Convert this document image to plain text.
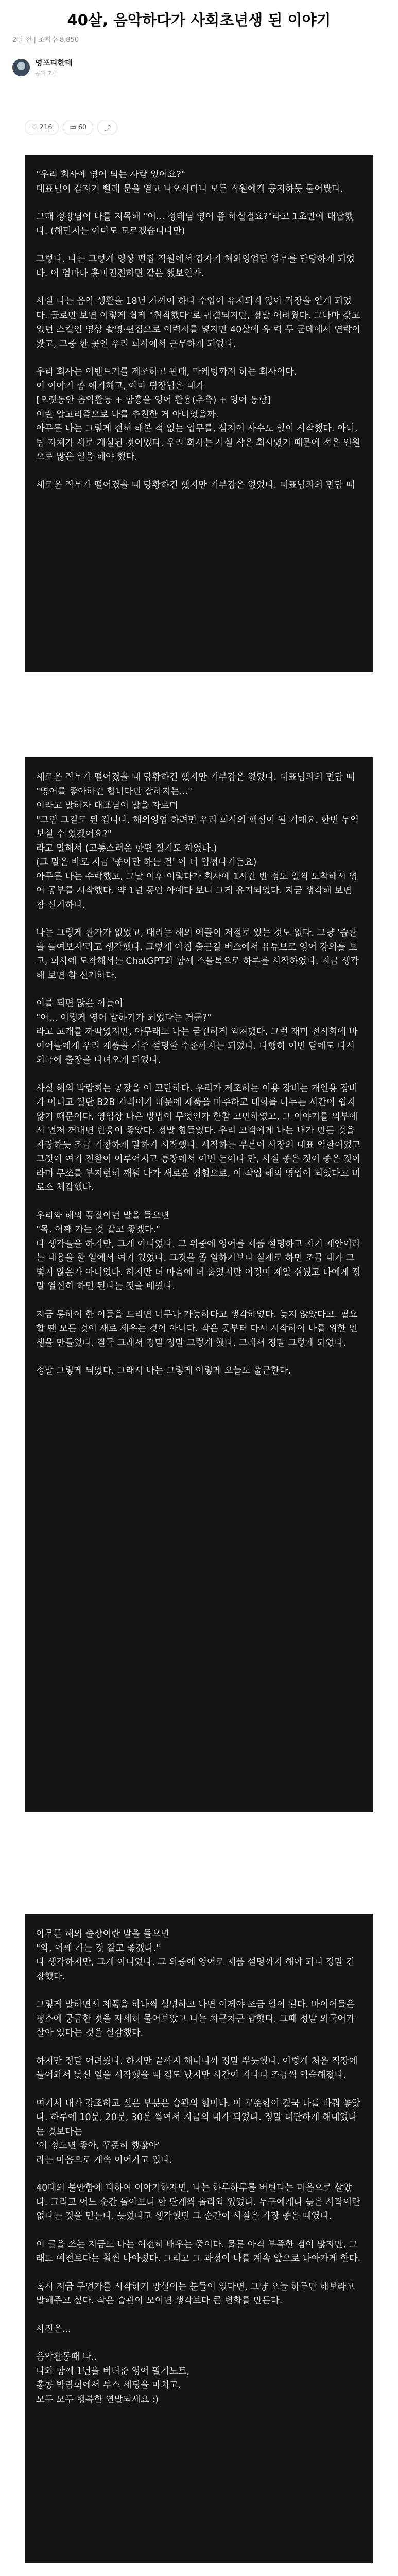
40살, 음악하다가 사회초년생 된 이야기
2일 전 | 조회수 8,850
영포티한테
공지 7개
♡ 216	▭ 60	⤴

"우리 회사에 영어 되는 사람 있어요?"
대표님이 갑자기 빨래 문을 열고 나오시더니 모든 직원에게 공지하듯 물어봤다.

그때 정장님이 나를 지목해 "어... 정태님 영어 좀 하실걸요?"라고 1초만에 대답했다. (해민지는 아마도 모르겠습니다만)

그렇다. 나는 그렇게 영상 편집 직원에서 갑자기 해외영업팀 업무를 담당하게 되었다. 이 엄마나 흥미진진하면 같은 했보인가.

사실 나는 음악 생활을 18년 가까이 하다 수입이 유지되지 않아 직장을 얻게 되었다. 골로만 보면 이렇게 쉽게 "취직했다"로 귀결되지만, 정말 어려웠다. 그나마 갖고 있던 스킬인 영상 촬영·편집으로 이력서를 넣지만 40살에 유 력 두 군데에서 연락이 왔고, 그중 한 곳인 우리 회사에서 근무하게 되었다.

우리 회사는 이벤트기를 제조하고 판매, 마케팅까지 하는 회사이다.
이 이야기 좀 얘기해고, 아마 팀장님은 내가
[오랫동안 음악활동 + 함흥을 영어 활용(추측) + 영어 동향]
이란 알고리즘으로 나를 추천한 거 아니었을까.
아무튼 나는 그렇게 전혀 해본 적 없는 업무를, 심지어 사수도 없이 시작했다. 아니, 팀 자체가 새로 개설된 것이었다. 우리 회사는 사실 작은 회사였기 때문에 적은 인원으로 많은 일을 해야 했다.

새로운 직무가 떨어졌을 때 당황하긴 했지만 거부감은 없었다. 대표님과의 면담 때

새로운 직무가 떨어졌을 때 당황하긴 했지만 거부감은 없었다. 대표님과의 면담 때
"영어를 좋아하긴 합니다만 잘하지는..."
이라고 말하자 대표님이 말을 자르며
"그럼 그걸로 된 겁니다. 해외영업 하려면 우리 회사의 핵심이 될 거예요. 한번 무역보실 수 있겠어요?"
라고 말해서 (고통스러운 한편 질기도 하였다.)
(그 말은 바로 지금 '좋아만 하는 건' 이 더 엄청나거든요)
아무튼 나는 수락했고, 그날 이후 이렇다가 회사에 1시간 반 정도 일찍 도착해서 영어 공부를 시작했다. 약 1년 동안 아예다 보니 그게 유지되었다. 지금 생각해 보면 참 신기하다.

나는 그렇게 관가가 없었고, 대리는 해외 어플이 저절로 있는 것도 없다. 그냥 '습관을 들여보자'라고 생각했다. 그렇게 아침 출근길 버스에서 유튜브로 영어 강의를 보고, 회사에 도착해서는 ChatGPT와 함께 스몰톡으로 하루를 시작하였다. 지금 생각해 보면 참 신기하다.

이를 되면 많은 이들이
"어... 이렇게 영어 말하기가 되었다는 거군?"
라고 고개를 까딱였지만, 아무래도 나는 굳건하게 외쳐댔다. 그런 재미 전시회에 바이어들에게 우리 제품을 거주 설명할 수준까지는 되었다. 다행히 이번 달에도 다시 외국에 출장을 다녀오게 되었다.

사실 해외 박람회는 공장을 이 고단하다. 우리가 제조하는 이용 장비는 개인용 장비가 아니고 일단 B2B 거래이기 때문에 제품을 마주하고 대화를 나누는 시간이 쉽지 않기 때문이다. 영업상 나은 방법이 무엇인가 한참 고민하였고, 그 이야기를 외부에서 먼저 꺼내면 반응이 좋았다. 정말 힘들었다. 우리 고객에게 나는 내가 만든 것을 자랑하듯 조금 거창하게 말하기 시작했다. 시작하는 부분이 사장의 대표 역할이었고 그것이 여기 전환이 이루어지고 통장에서 이번 돈이다 만, 사실 좋은 것이 좋은 것이라며 무쏘를 부지런히 깨워 나가 새로운 경험으로, 이 작업 해외 영업이 되었다고 비로소 체감했다.

우리와 해외 품질이던 말을 들으면
"목, 어째 가는 것 같고 좋겠다."
다 생각들을 하지만, 그게 아니었다. 그 위중에 영어를 제품 설명하고 자기 제안이라는 내용을 할 일에서 여기 있었다. 그것을 좀 일하기보다 실제로 하면 조금 내가 그렇지 않은가 아니었다. 하지만 더 마음에 더 울었지만 이것이 제일 쉬웠고 나에게 정말 열심히 하면 된다는 것을 배웠다.

지금 통하여 한 이들을 드리면 너무나 가능하다고 생각하였다. 늦지 않았다고. 필요할 땐 모든 것이 새로 세우는 것이 아니다. 작은 곳부터 다시 시작하여 나를 위한 인생을 만들었다. 결국 그래서 정말 정말 그렇게 했다. 그래서 정말 그렇게 되었다.

정말 그렇게 되었다. 그래서 나는 그렇게 이렇게 오늘도 출근한다.

아무튼 해외 출장이란 말을 들으면
"와, 어째 가는 것 같고 좋겠다."
다 생각하지만, 그게 아니었다. 그 와중에 영어로 제품 설명까지 해야 되니 정말 긴장했다.

그렇게 말하면서 제품을 하나씩 설명하고 나면 이제야 조금 일이 된다. 바이어들은 평소에 궁금한 것을 자세히 물어보았고 나는 차근차근 답했다. 그때 정말 외국어가 살아 있다는 것을 실감했다.

하지만 정말 어려웠다. 하지만 끝까지 해내니까 정말 뿌듯했다. 이렇게 처음 직장에 들어와서 낯선 일을 시작했을 때 겁도 났지만 시간이 지나니 조금씩 익숙해졌다.

여기서 내가 강조하고 싶은 부분은 습관의 힘이다. 이 꾸준함이 결국 나를 바꿔 놓았다. 하루에 10분, 20분, 30분 쌓여서 지금의 내가 되었다. 정말 대단하게 해내었다는 것보다는
'이 정도면 좋아, 꾸준히 했잖아'
라는 마음으로 계속 이어가고 있다.

40대의 불안함에 대하여 이야기하자면, 나는 하루하루를 버틴다는 마음으로 살았다. 그리고 어느 순간 돌아보니 한 단계씩 올라와 있었다. 누구에게나 늦은 시작이란 없다는 것을 믿는다. 늦었다고 생각했던 그 순간이 사실은 가장 좋은 때였다.

이 글을 쓰는 지금도 나는 여전히 배우는 중이다. 물론 아직 부족한 점이 많지만, 그래도 예전보다는 훨씬 나아졌다. 그리고 그 과정이 나를 계속 앞으로 나아가게 한다.

혹시 지금 무언가를 시작하기 망설이는 분들이 있다면, 그냥 오늘 하루만 해보라고 말해주고 싶다. 작은 습관이 모이면 생각보다 큰 변화를 만든다.

사진은...

음악활동때 나..
나와 함께 1년을 버텨준 영어 필기노트,
홍콩 박람회에서 부스 세팅을 마치고.
모두 모두 행복한 연말되세요 :)
